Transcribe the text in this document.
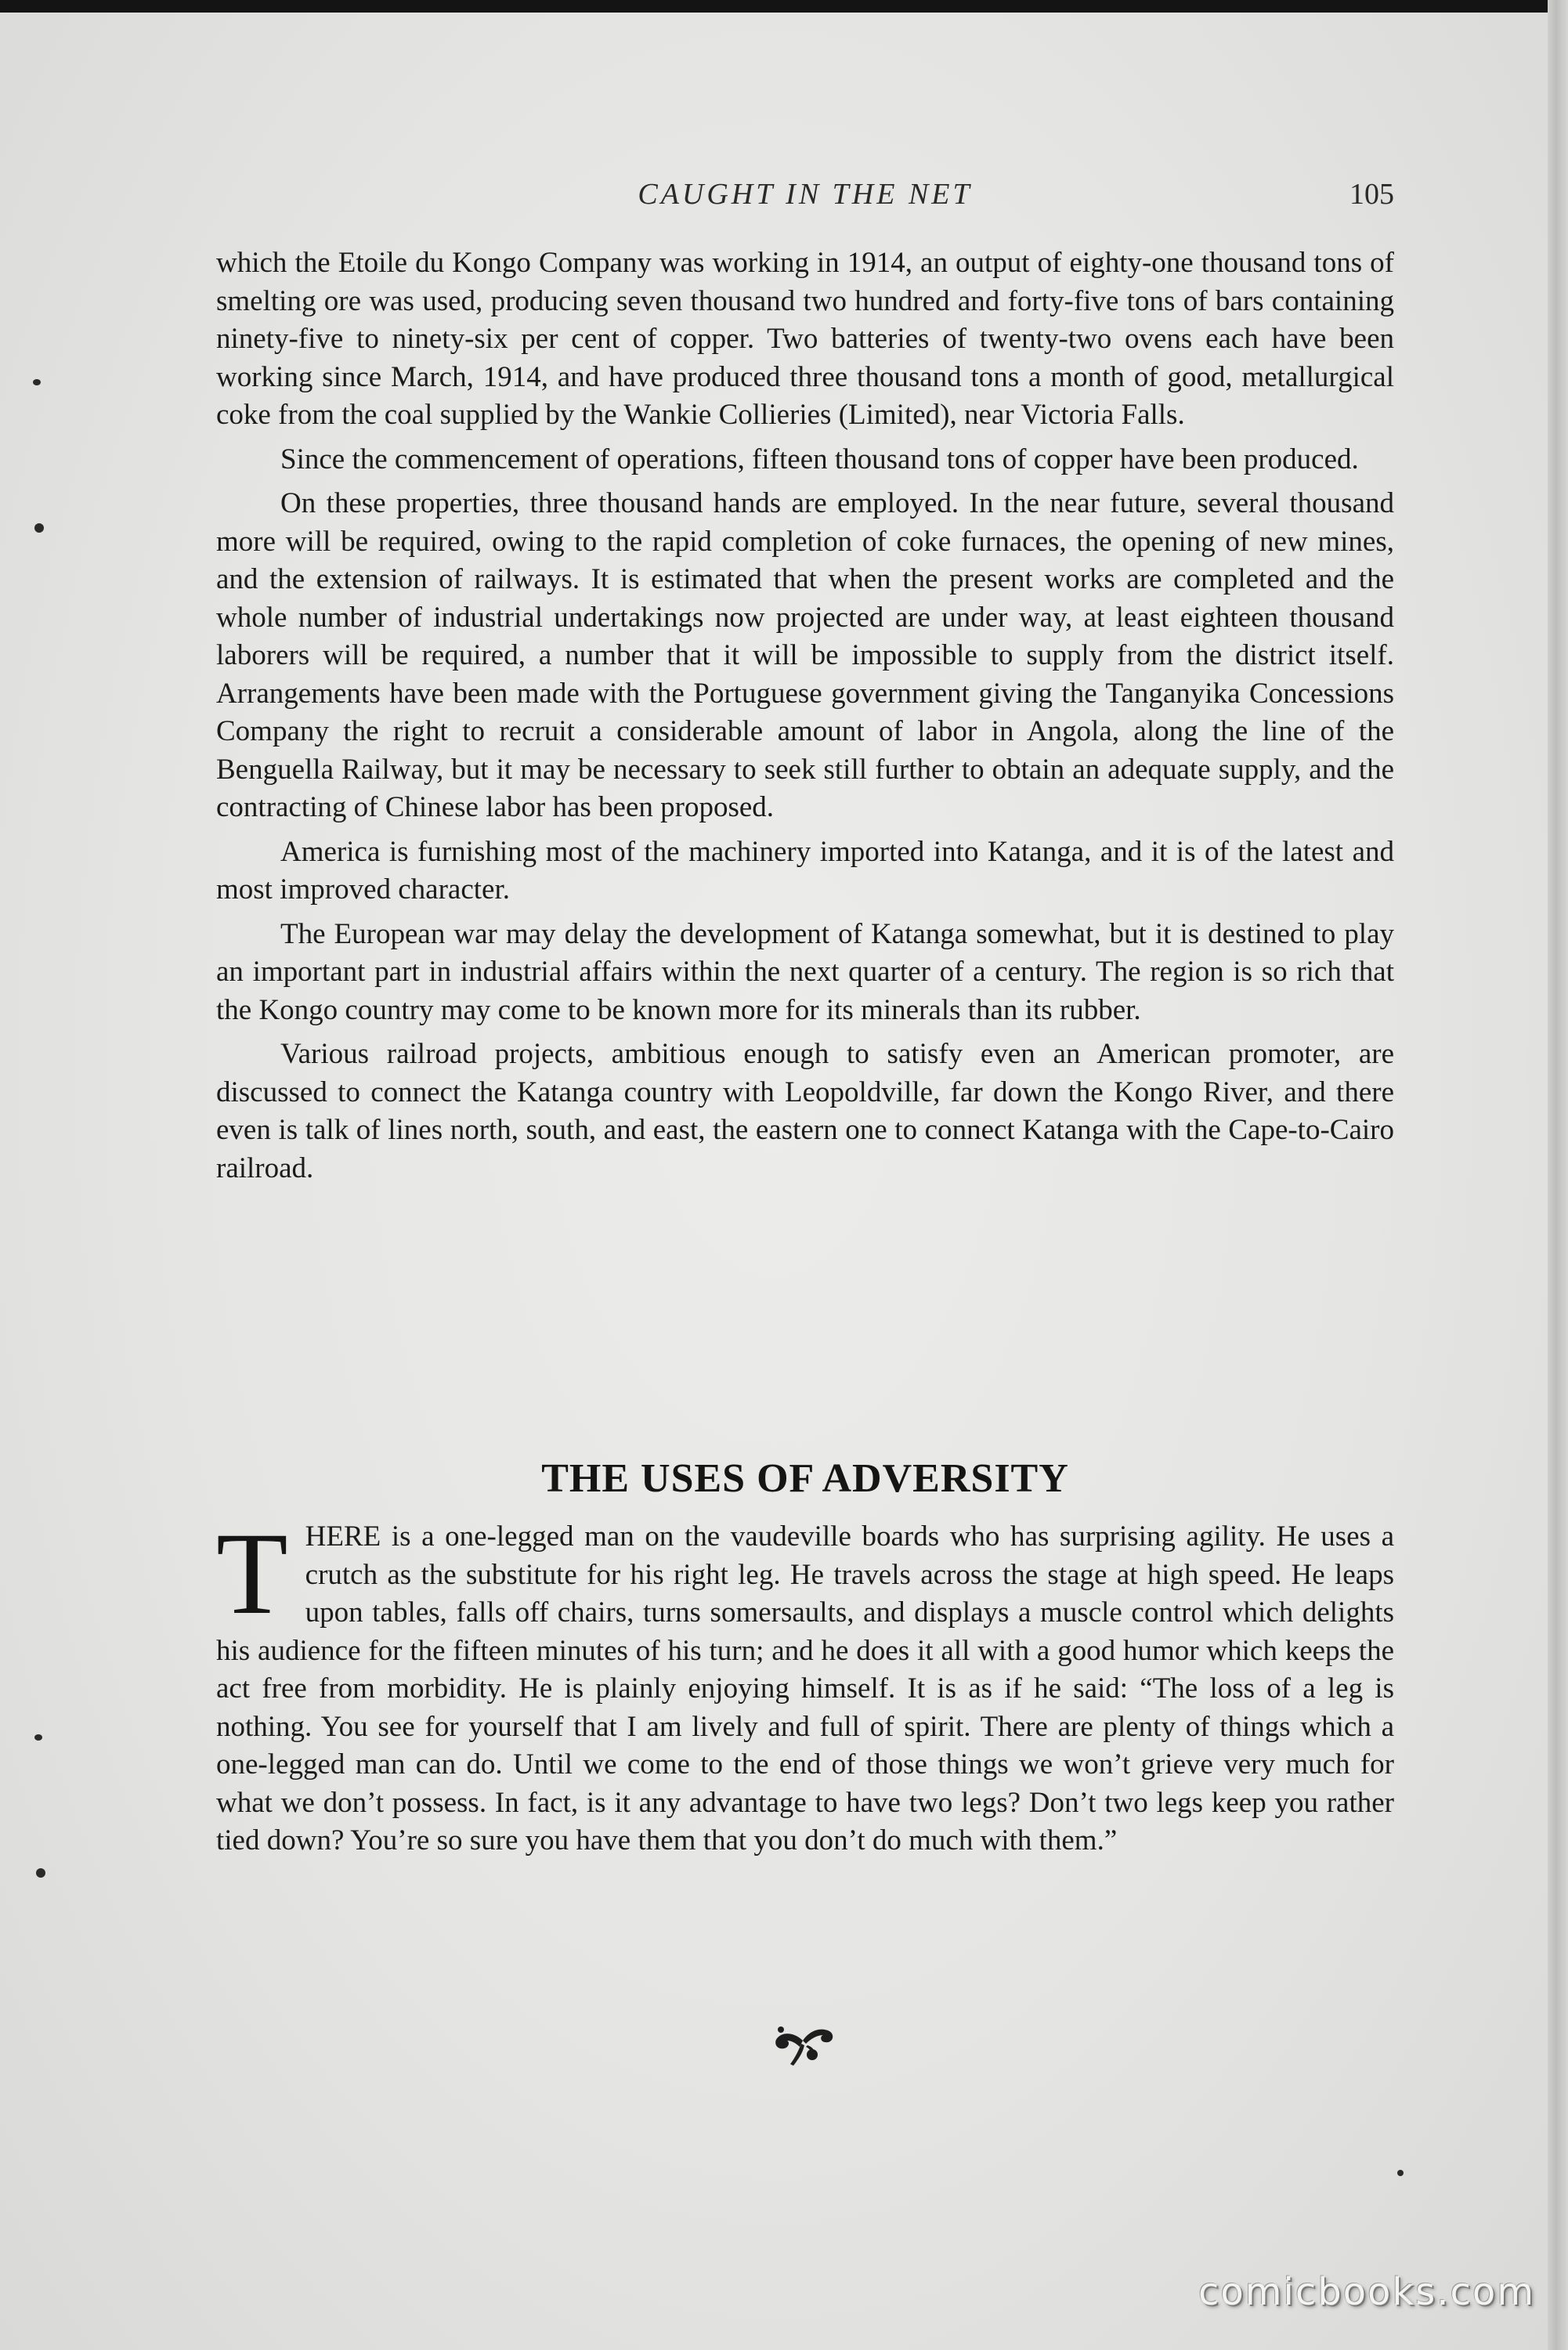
CAUGHT IN THE NET	105

which the Etoile du Kongo Company was working in 1914, an output of eighty-one thousand tons of smelting ore was used, producing seven thousand two hundred and forty-five tons of bars containing ninety-five to ninety-six per cent of copper. Two batteries of twenty-two ovens each have been working since March, 1914, and have produced three thousand tons a month of good, metallurgical coke from the coal supplied by the Wankie Collieries (Limited), near Victoria Falls.

Since the commencement of operations, fifteen thousand tons of copper have been produced.

On these properties, three thousand hands are employed. In the near future, several thousand more will be required, owing to the rapid completion of coke furnaces, the opening of new mines, and the extension of railways. It is estimated that when the present works are completed and the whole number of industrial undertakings now projected are under way, at least eighteen thousand laborers will be required, a number that it will be impossible to supply from the district itself. Arrangements have been made with the Portuguese government giving the Tanganyika Concessions Company the right to recruit a considerable amount of labor in Angola, along the line of the Benguella Railway, but it may be necessary to seek still further to obtain an adequate supply, and the contracting of Chinese labor has been proposed.

America is furnishing most of the machinery imported into Katanga, and it is of the latest and most improved character.

The European war may delay the development of Katanga somewhat, but it is destined to play an important part in industrial affairs within the next quarter of a century. The region is so rich that the Kongo country may come to be known more for its minerals than its rubber.

Various railroad projects, ambitious enough to satisfy even an American promoter, are discussed to connect the Katanga country with Leopoldville, far down the Kongo River, and there even is talk of lines north, south, and east, the eastern one to connect Katanga with the Cape-to-Cairo railroad.

THE USES OF ADVERSITY

THERE is a one-legged man on the vaudeville boards who has surprising agility. He uses a crutch as the substitute for his right leg. He travels across the stage at high speed. He leaps upon tables, falls off chairs, turns somersaults, and displays a muscle control which delights his audience for the fifteen minutes of his turn; and he does it all with a good humor which keeps the act free from morbidity. He is plainly enjoying himself. It is as if he said: “The loss of a leg is nothing. You see for yourself that I am lively and full of spirit. There are plenty of things which a one-legged man can do. Until we come to the end of those things we won’t grieve very much for what we don’t possess. In fact, is it any advantage to have two legs? Don’t two legs keep you rather tied down? You’re so sure you have them that you don’t do much with them.”

comicbooks.com
